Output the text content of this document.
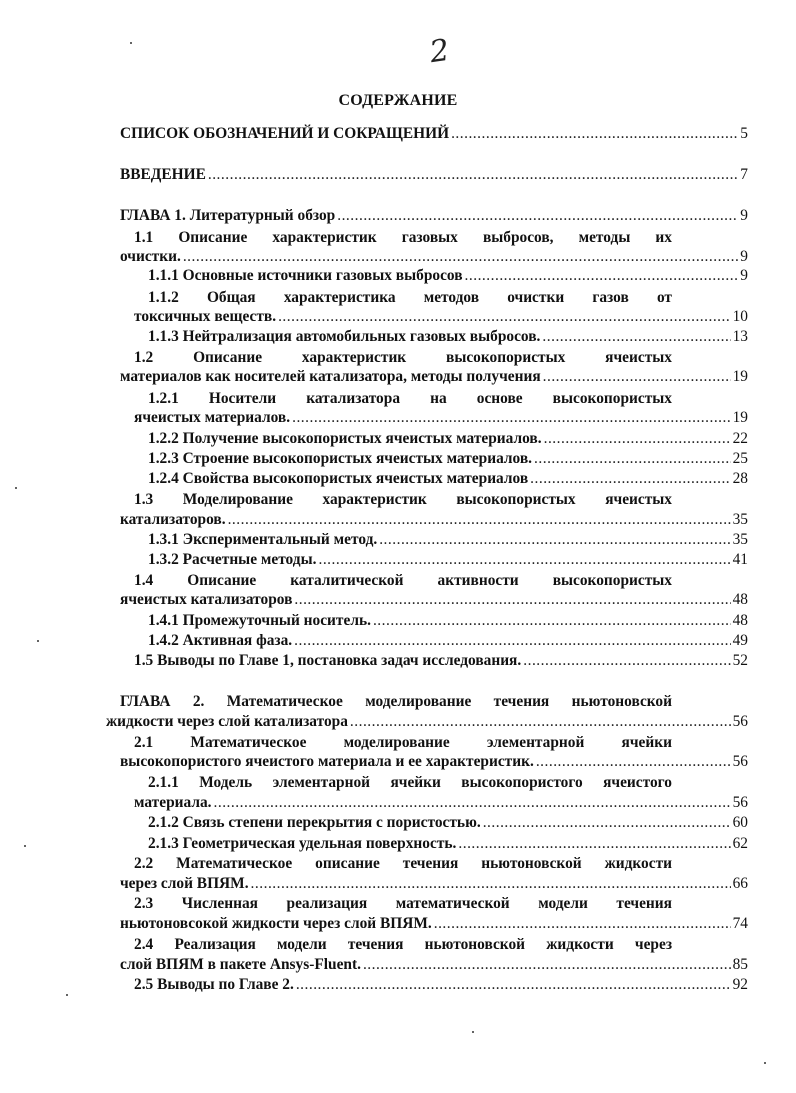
2
СОДЕРЖАНИЕ
СПИСОК ОБОЗНАЧЕНИЙ И СОКРАЩЕНИЙ .....	5
ВВЕДЕНИЕ .....	7
ГЛАВА 1. Литературный обзор .....	9
1.1 Описание характеристик газовых выбросов, методы их
очистки. .....	9
1.1.1 Основные источники газовых выбросов .....	9
1.1.2 Общая характеристика методов очистки газов от
токсичных веществ. .....	10
1.1.3 Нейтрализация автомобильных газовых выбросов. .....	13
1.2 Описание характеристик высокопористых ячеистых
материалов как носителей катализатора, методы получения .....	19
1.2.1 Носители катализатора на основе высокопористых
ячеистых материалов. .....	19
1.2.2 Получение высокопористых ячеистых материалов. .....	22
1.2.3 Строение высокопористых ячеистых материалов. .....	25
1.2.4 Свойства высокопористых ячеистых материалов .....	28
1.3 Моделирование характеристик высокопористых ячеистых
катализаторов. .....	35
1.3.1 Экспериментальный метод. .....	35
1.3.2 Расчетные методы. .....	41
1.4 Описание каталитической активности высокопористых
ячеистых катализаторов .....	48
1.4.1 Промежуточный носитель. .....	48
1.4.2 Активная фаза. .....	49
1.5 Выводы по Главе 1, постановка задач исследования. .....	52
ГЛАВА 2. Математическое моделирование течения ньютоновской
жидкости через слой катализатора .....	56
2.1 Математическое моделирование элементарной ячейки
высокопористого ячеистого материала и ее характеристик. .....	56
2.1.1 Модель элементарной ячейки высокопористого ячеистого
материала. .....	56
2.1.2 Связь степени перекрытия с пористостью. .....	60
2.1.3 Геометрическая удельная поверхность. .....	62
2.2 Математическое описание течения ньютоновской жидкости
через слой ВПЯМ. .....	66
2.3 Численная реализация математической модели течения
ньютоновсокой жидкости через слой ВПЯМ. .....	74
2.4 Реализация модели течения ньютоновской жидкости через
слой ВПЯМ в пакете Ansys-Fluent. .....	85
2.5 Выводы по Главе 2. .....	92
